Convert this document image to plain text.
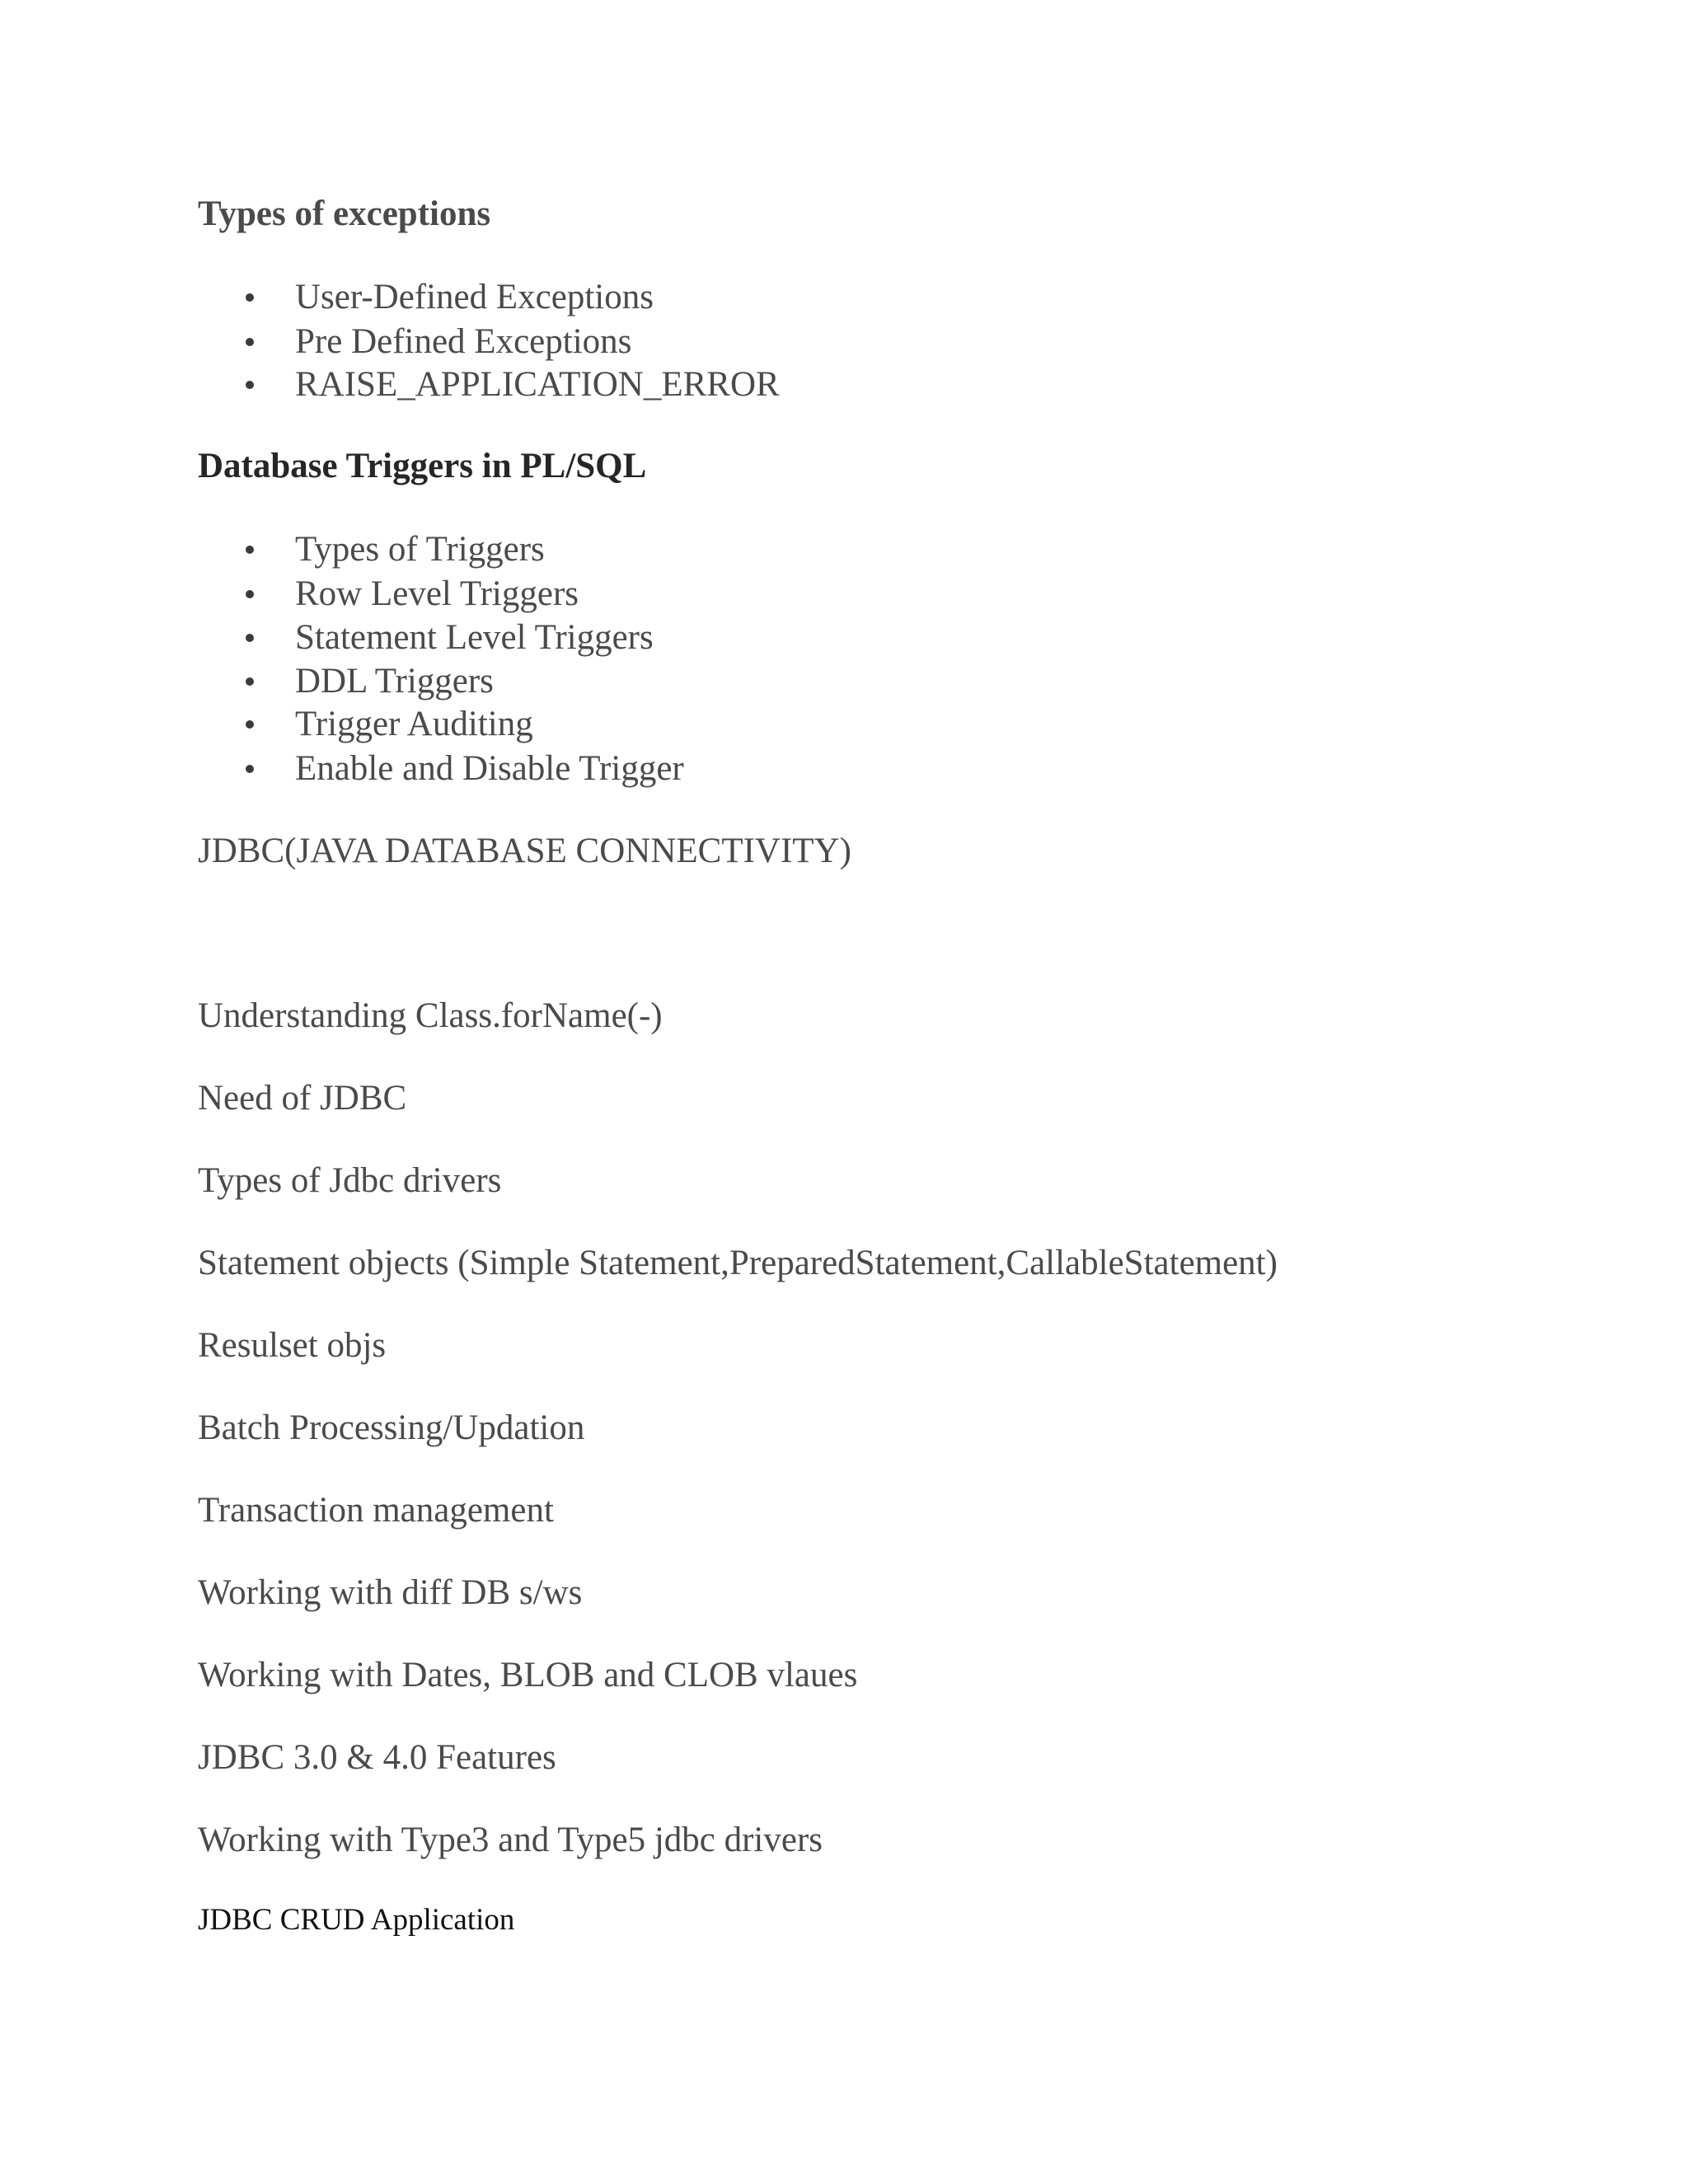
Types of exceptions
User-Defined Exceptions
Pre Defined Exceptions
RAISE_APPLICATION_ERROR
Database Triggers in PL/SQL
Types of Triggers
Row Level Triggers
Statement Level Triggers
DDL Triggers
Trigger Auditing
Enable and Disable Trigger

JDBC(JAVA DATABASE CONNECTIVITY)

Understanding Class.forName(-)

Need of JDBC

Types of Jdbc drivers

Statement objects (Simple Statement,PreparedStatement,CallableStatement)

Resulset objs

Batch Processing/Updation

Transaction management

Working with diff DB s/ws

Working with Dates, BLOB and CLOB vlaues

JDBC 3.0 & 4.0 Features

Working with Type3 and Type5 jdbc drivers

JDBC CRUD Application
